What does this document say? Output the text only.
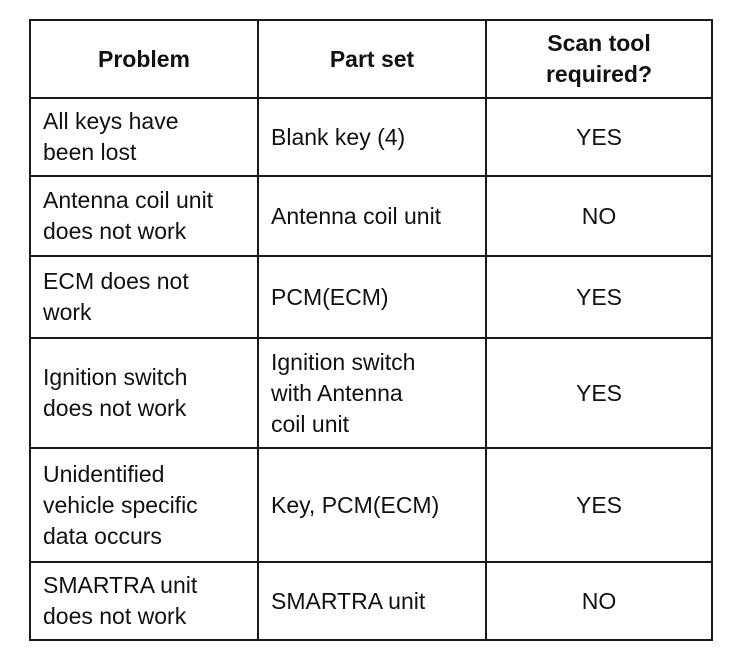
Problem	Part set	Scan tool
required?

All keys have
been lost	Blank key (4)	YES

Antenna coil unit
does not work	Antenna coil unit	NO

ECM does not
work	PCM(ECM)	YES

Ignition switch
does not work	Ignition switch
with Antenna
coil unit	YES

Unidentified
vehicle specific
data occurs	Key, PCM(ECM)	YES

SMARTRA unit
does not work	SMARTRA unit	NO
